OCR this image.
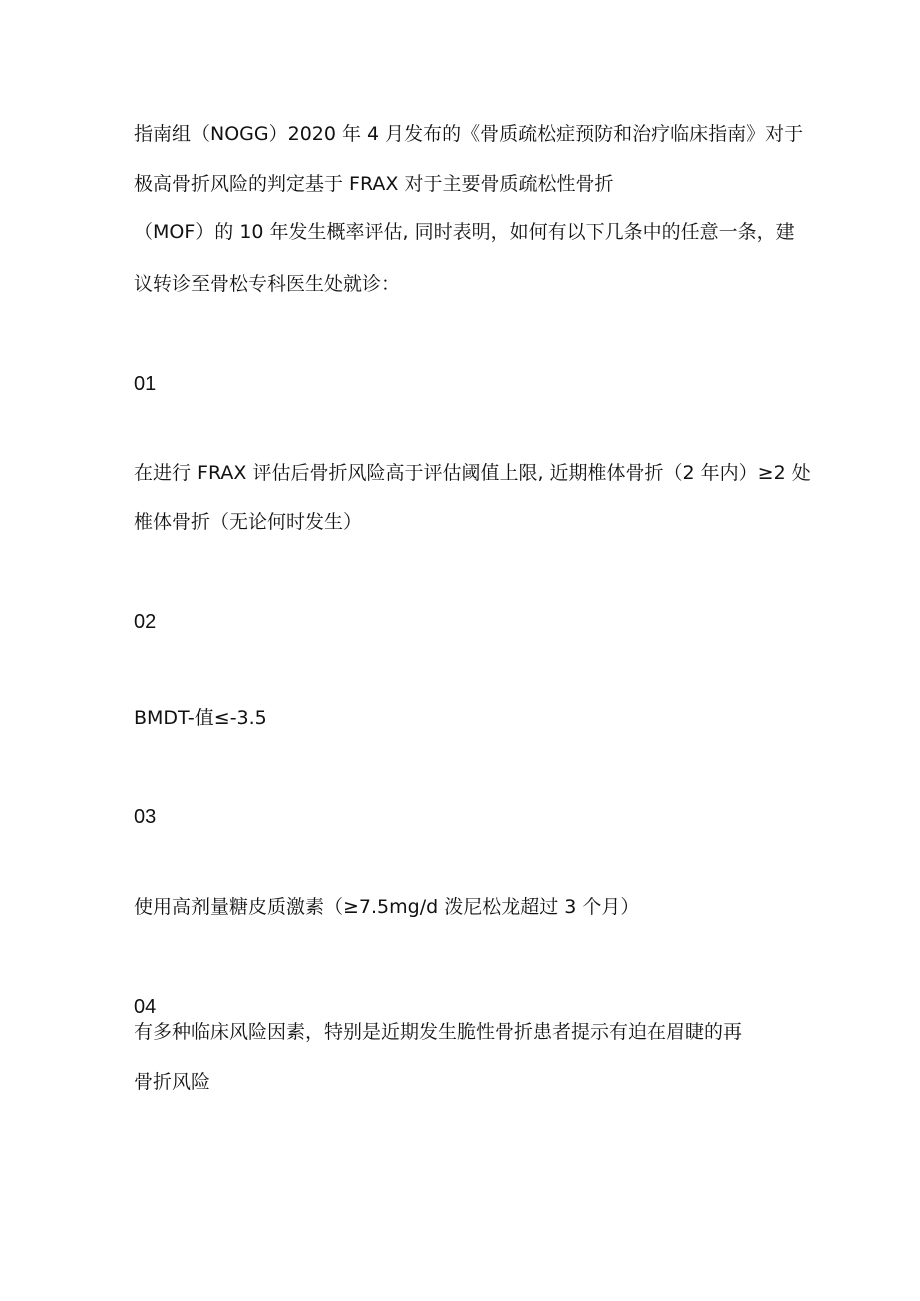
指南组（NOGG）2020 年 4 月发布的《骨质疏松症预防和治疗临床指南》对于
极高骨折风险的判定基于 FRAX 对于主要骨质疏松性骨折
（MOF）的 10 年发生概率评估, 同时表明，如何有以下几条中的任意一条，建
议转诊至骨松专科医生处就诊：
01
在进行 FRAX 评估后骨折风险高于评估阈值上限, 近期椎体骨折（2 年内）≥2 处
椎体骨折（无论何时发生）
02
BMDT-值≤-3.5
03
使用高剂量糖皮质激素（≥7.5mg/d 泼尼松龙超过 3 个月）
04
有多种临床风险因素，特别是近期发生脆性骨折患者提示有迫在眉睫的再
骨折风险
